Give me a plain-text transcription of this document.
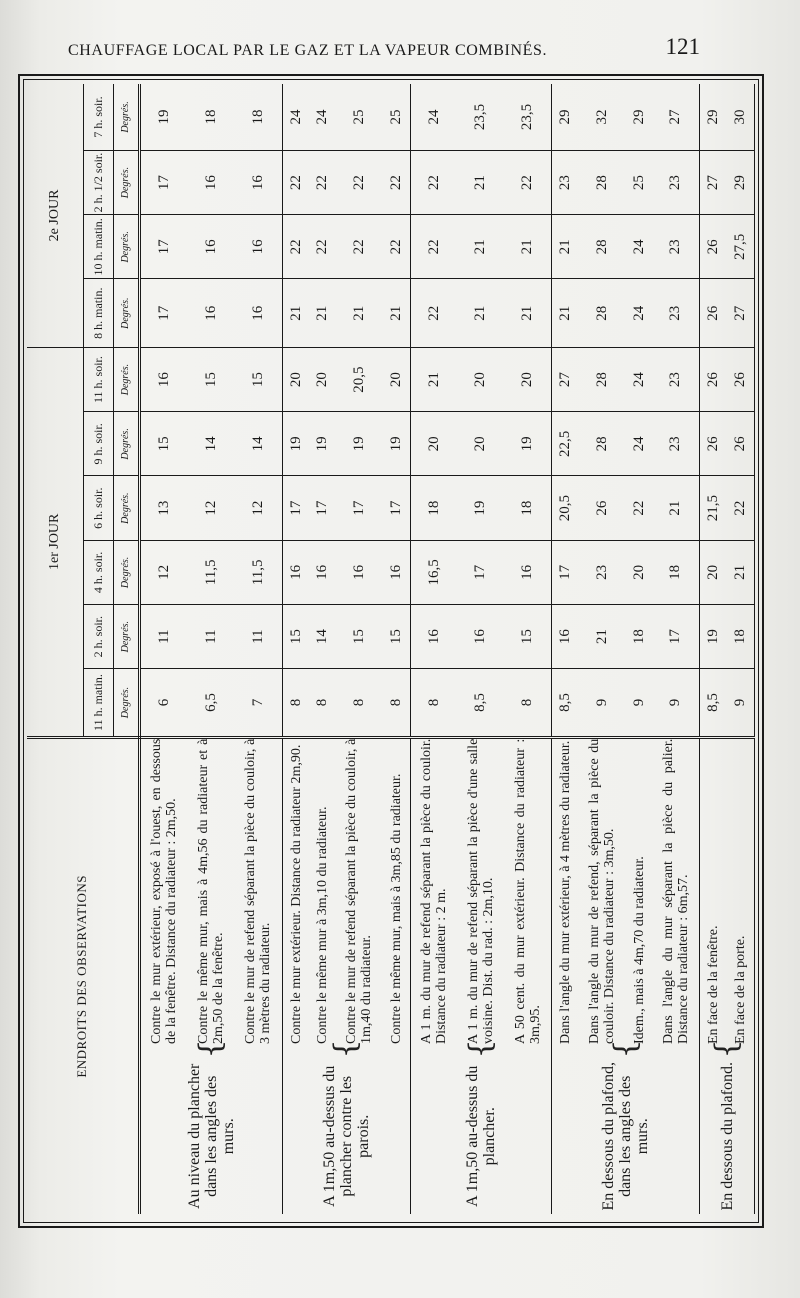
CHAUFFAGE LOCAL PAR LE GAZ ET LA VAPEUR COMBINÉS.	121
ENDROITS DES OBSERVATIONS			1er JOUR						2e JOUR			
			11 h. matin.	2 h. soir.	4 h. soir.	6 h. soir.	9 h. soir.	11 h. soir.	8 h. matin.	10 h. matin.	2 h. 1/2 soir.	7 h. soir.
			Degrés.	Degrés.	Degrés.	Degrés.	Degrés.	Degrés.	Degrés.	Degrés.	Degrés.	Degrés.
Au niveau du plancher dans les angles des murs.	{	Contre le mur extérieur, exposé à l'ouest, en dessous de la fenêtre. Distance du radiateur : 2m,50.	6	11	12	13	15	16	17	17	17	19
		Contre le même mur, mais à 4m,56 du radiateur et à 2m,50 de la fenêtre.	6,5	11	11,5	12	14	15	16	16	16	18
		Contre le mur de refend séparant la pièce du couloir, à 3 mètres du radiateur.	7	11	11,5	12	14	15	16	16	16	18
A 1m,50 au-dessus du plancher contre les parois.	{	Contre le mur extérieur. Distance du radiateur 2m,90.	8	15	16	17	19	20	21	22	22	24
		Contre le même mur à 3m,10 du radiateur.	8	14	16	17	19	20	21	22	22	24
		Contre le mur de refend séparant la pièce du couloir, à 1m,40 du radiateur.	8	15	16	17	19	20,5	21	22	22	25
		Contre le même mur, mais à 3m,85 du radiateur.	8	15	16	17	19	20	21	22	22	25
A 1m,50 au-dessus du plancher.	{	A 1 m. du mur de refend séparant la pièce du couloir. Distance du radiateur : 2 m.	8	16	16,5	18	20	21	22	22	22	24
		A 1 m. du mur de refend séparant la pièce d'une salle voisine. Dist. du rad. : 2m,10.	8,5	16	17	19	20	20	21	21	21	23,5
		A 50 cent. du mur extérieur. Distance du radiateur : 3m,95.	8	15	16	18	19	20	21	21	22	23,5
En dessous du plafond, dans les angles des murs.	{	Dans l'angle du mur extérieur, à 4 mètres du radiateur.	8,5	16	17	20,5	22,5	27	21	21	23	29
		Dans l'angle du mur de refend, séparant la pièce du couloir. Distance du radiateur : 3m,50.	9	21	23	26	28	28	28	28	28	32
		Idem., mais à 4m,70 du radiateur.	9	18	20	22	24	24	24	24	25	29
		Dans l'angle du mur séparant la pièce du palier. Distance du radiateur : 6m,57.	9	17	18	21	23	23	23	23	23	27
En dessous du plafond.	{	En face de la fenêtre.	8,5	19	20	21,5	26	26	26	26	27	29
		En face de la porte.	9	18	21	22	26	26	27	27,5	29	30
